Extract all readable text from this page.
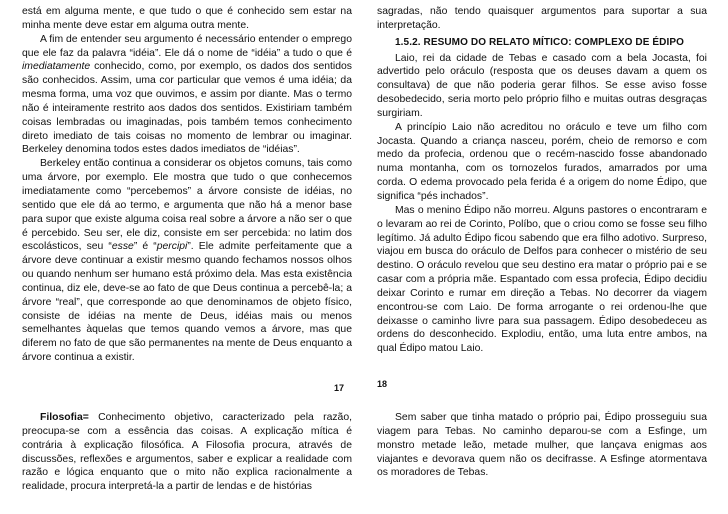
está em alguma mente, e que tudo o que é conhecido sem estar na minha mente deve estar em alguma outra mente.

A fim de entender seu argumento é necessário entender o emprego que ele faz da palavra “idéia”. Ele dá o nome de “idéia” a tudo o que é imediatamente conhecido, como, por exemplo, os dados dos sentidos são conhecidos. Assim, uma cor particular que vemos é uma idéia; da mesma forma, uma voz que ouvimos, e assim por diante. Mas o termo não é inteiramente restrito aos dados dos sentidos. Existiriam também coisas lembradas ou imaginadas, pois também temos conhecimento direto imediato de tais coisas no momento de lembrar ou imaginar. Berkeley denomina todos estes dados imediatos de “idéias”.

Berkeley então continua a considerar os objetos comuns, tais como uma árvore, por exemplo. Ele mostra que tudo o que conhecemos imediatamente como “percebemos” a árvore consiste de idéias, no sentido que ele dá ao termo, e argumenta que não há a menor base para supor que existe alguma coisa real sobre a árvore a não ser o que é percebido. Seu ser, ele diz, consiste em ser percebida: no latim dos escolásticos, seu “esse” é “percipi”. Ele admite perfeitamente que a árvore deve continuar a existir mesmo quando fechamos nossos olhos ou quando nenhum ser humano está próximo dela. Mas esta existência continua, diz ele, deve-se ao fato de que Deus continua a percebê-la; a árvore “real”, que corresponde ao que denominamos de objeto físico, consiste de idéias na mente de Deus, idéias mais ou menos semelhantes àquelas que temos quando vemos a árvore, mas que diferem no fato de que são permanentes na mente de Deus enquanto a árvore continua a existir.

17

sagradas, não tendo quaisquer argumentos para suportar a sua interpretação.

1.5.2. RESUMO DO RELATO MÍTICO: COMPLEXO DE ÉDIPO

Laio, rei da cidade de Tebas e casado com a bela Jocasta, foi advertido pelo oráculo (resposta que os deuses davam a quem os consultava) de que não poderia gerar filhos. Se esse aviso fosse desobedecido, seria morto pelo próprio filho e muitas outras desgraças surgiriam.

A princípio Laio não acreditou no oráculo e teve um filho com Jocasta. Quando a criança nasceu, porém, cheio de remorso e com medo da profecia, ordenou que o recém-nascido fosse abandonado numa montanha, com os tornozelos furados, amarrados por uma corda. O edema provocado pela ferida é a origem do nome Édipo, que significa “pés inchados”.

Mas o menino Édipo não morreu. Alguns pastores o encontraram e o levaram ao rei de Corinto, Políbo, que o criou como se fosse seu filho legítimo. Já adulto Édipo ficou sabendo que era filho adotivo. Surpreso, viajou em busca do oráculo de Delfos para conhecer o mistério de seu destino. O oráculo revelou que seu destino era matar o próprio pai e se casar com a própria mãe. Espantado com essa profecia, Édipo decidiu deixar Corinto e rumar em direção a Tebas. No decorrer da viagem encontrou-se com Laio. De forma arrogante o rei ordenou-lhe que deixasse o caminho livre para sua passagem. Édipo desobedeceu as ordens do desconhecido. Explodiu, então, uma luta entre ambos, na qual Édipo matou Laio.

18

Filosofia= Conhecimento objetivo, caracterizado pela razão, preocupa-se com a essência das coisas. A explicação mítica é contrária à explicação filosófica. A Filosofia procura, através de discussões, reflexões e argumentos, saber e explicar a realidade com razão e lógica enquanto que o mito não explica racionalmente a realidade, procura interpretá-la a partir de lendas e de histórias

Sem saber que tinha matado o próprio pai, Édipo prosseguiu sua viagem para Tebas. No caminho deparou-se com a Esfinge, um monstro metade leão, metade mulher, que lançava enigmas aos viajantes e devorava quem não os decifrasse. A Esfinge atormentava os moradores de Tebas.
